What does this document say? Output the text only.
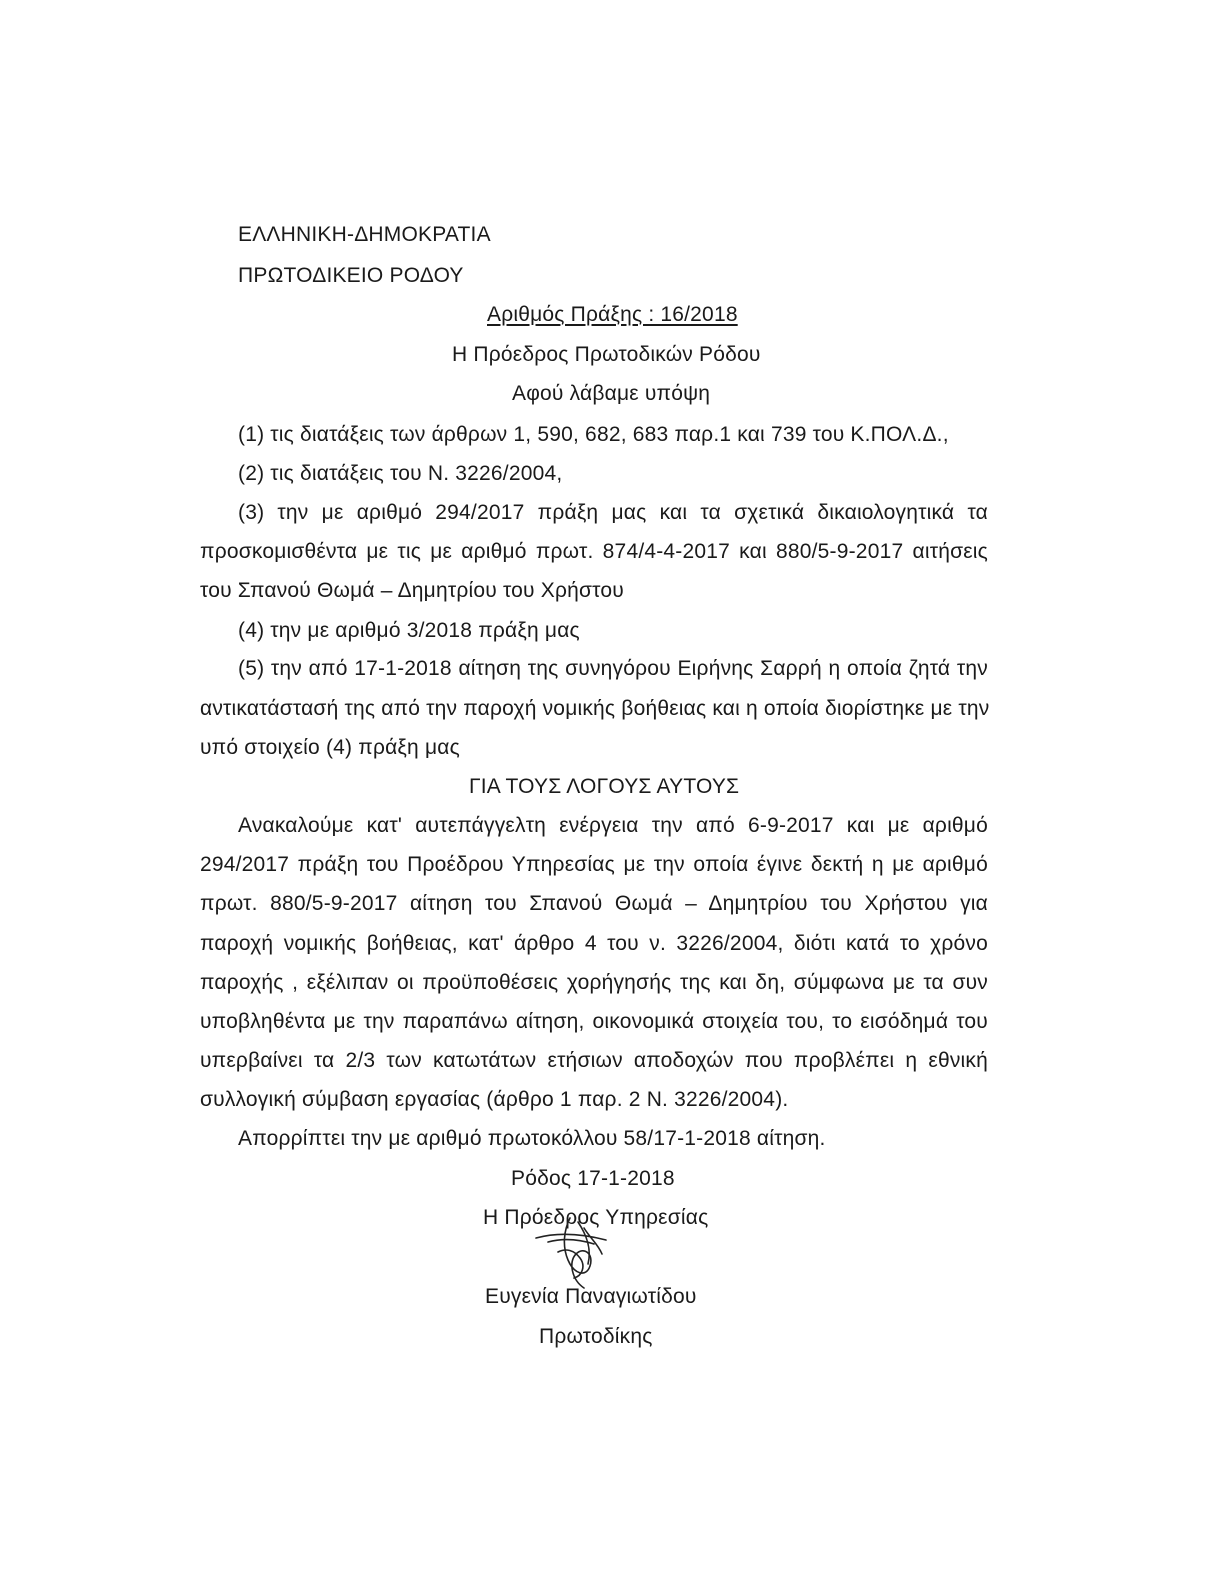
ΕΛΛΗΝΙΚΗ-ΔΗΜΟΚΡΑΤΙΑ
ΠΡΩΤΟΔΙΚΕΙΟ ΡΟΔΟΥ
Αριθμός Πράξης : 16/2018
Η Πρόεδρος Πρωτοδικών Ρόδου
Αφού λάβαμε υπόψη
(1) τις διατάξεις των άρθρων 1, 590, 682, 683 παρ.1 και 739 του Κ.ΠΟΛ.Δ.,
(2) τις διατάξεις του Ν. 3226/2004,
(3) την με αριθμό 294/2017 πράξη μας και τα σχετικά δικαιολογητικά τα
προσκομισθέντα με τις με αριθμό πρωτ. 874/4-4-2017 και 880/5-9-2017 αιτήσεις
του Σπανού Θωμά – Δημητρίου του Χρήστου
(4) την με αριθμό 3/2018 πράξη μας
(5) την από 17-1-2018 αίτηση της συνηγόρου Ειρήνης Σαρρή η οποία ζητά την
αντικατάστασή της από την παροχή νομικής βοήθειας και η οποία διορίστηκε με την
υπό στοιχείο (4) πράξη μας
ΓΙΑ ΤΟΥΣ ΛΟΓΟΥΣ ΑΥΤΟΥΣ
Ανακαλούμε κατ' αυτεπάγγελτη ενέργεια την από 6-9-2017 και με αριθμό
294/2017 πράξη του Προέδρου Υπηρεσίας με την οποία έγινε δεκτή η με αριθμό
πρωτ. 880/5-9-2017 αίτηση του Σπανού Θωμά – Δημητρίου του Χρήστου για
παροχή νομικής βοήθειας, κατ' άρθρο 4 του ν. 3226/2004, διότι κατά το χρόνο
παροχής , εξέλιπαν οι προϋποθέσεις χορήγησής της και δη, σύμφωνα με τα συν
υποβληθέντα με την παραπάνω αίτηση, οικονομικά στοιχεία του, το εισόδημά του
υπερβαίνει τα 2/3 των κατωτάτων ετήσιων αποδοχών που προβλέπει η εθνική
συλλογική σύμβαση εργασίας (άρθρο 1 παρ. 2 Ν. 3226/2004).
Απορρίπτει την με αριθμό πρωτοκόλλου 58/17-1-2018 αίτηση.
Ρόδος 17-1-2018
Η Πρόεδρος Υπηρεσίας
Ευγενία Παναγιωτίδου
Πρωτοδίκης
